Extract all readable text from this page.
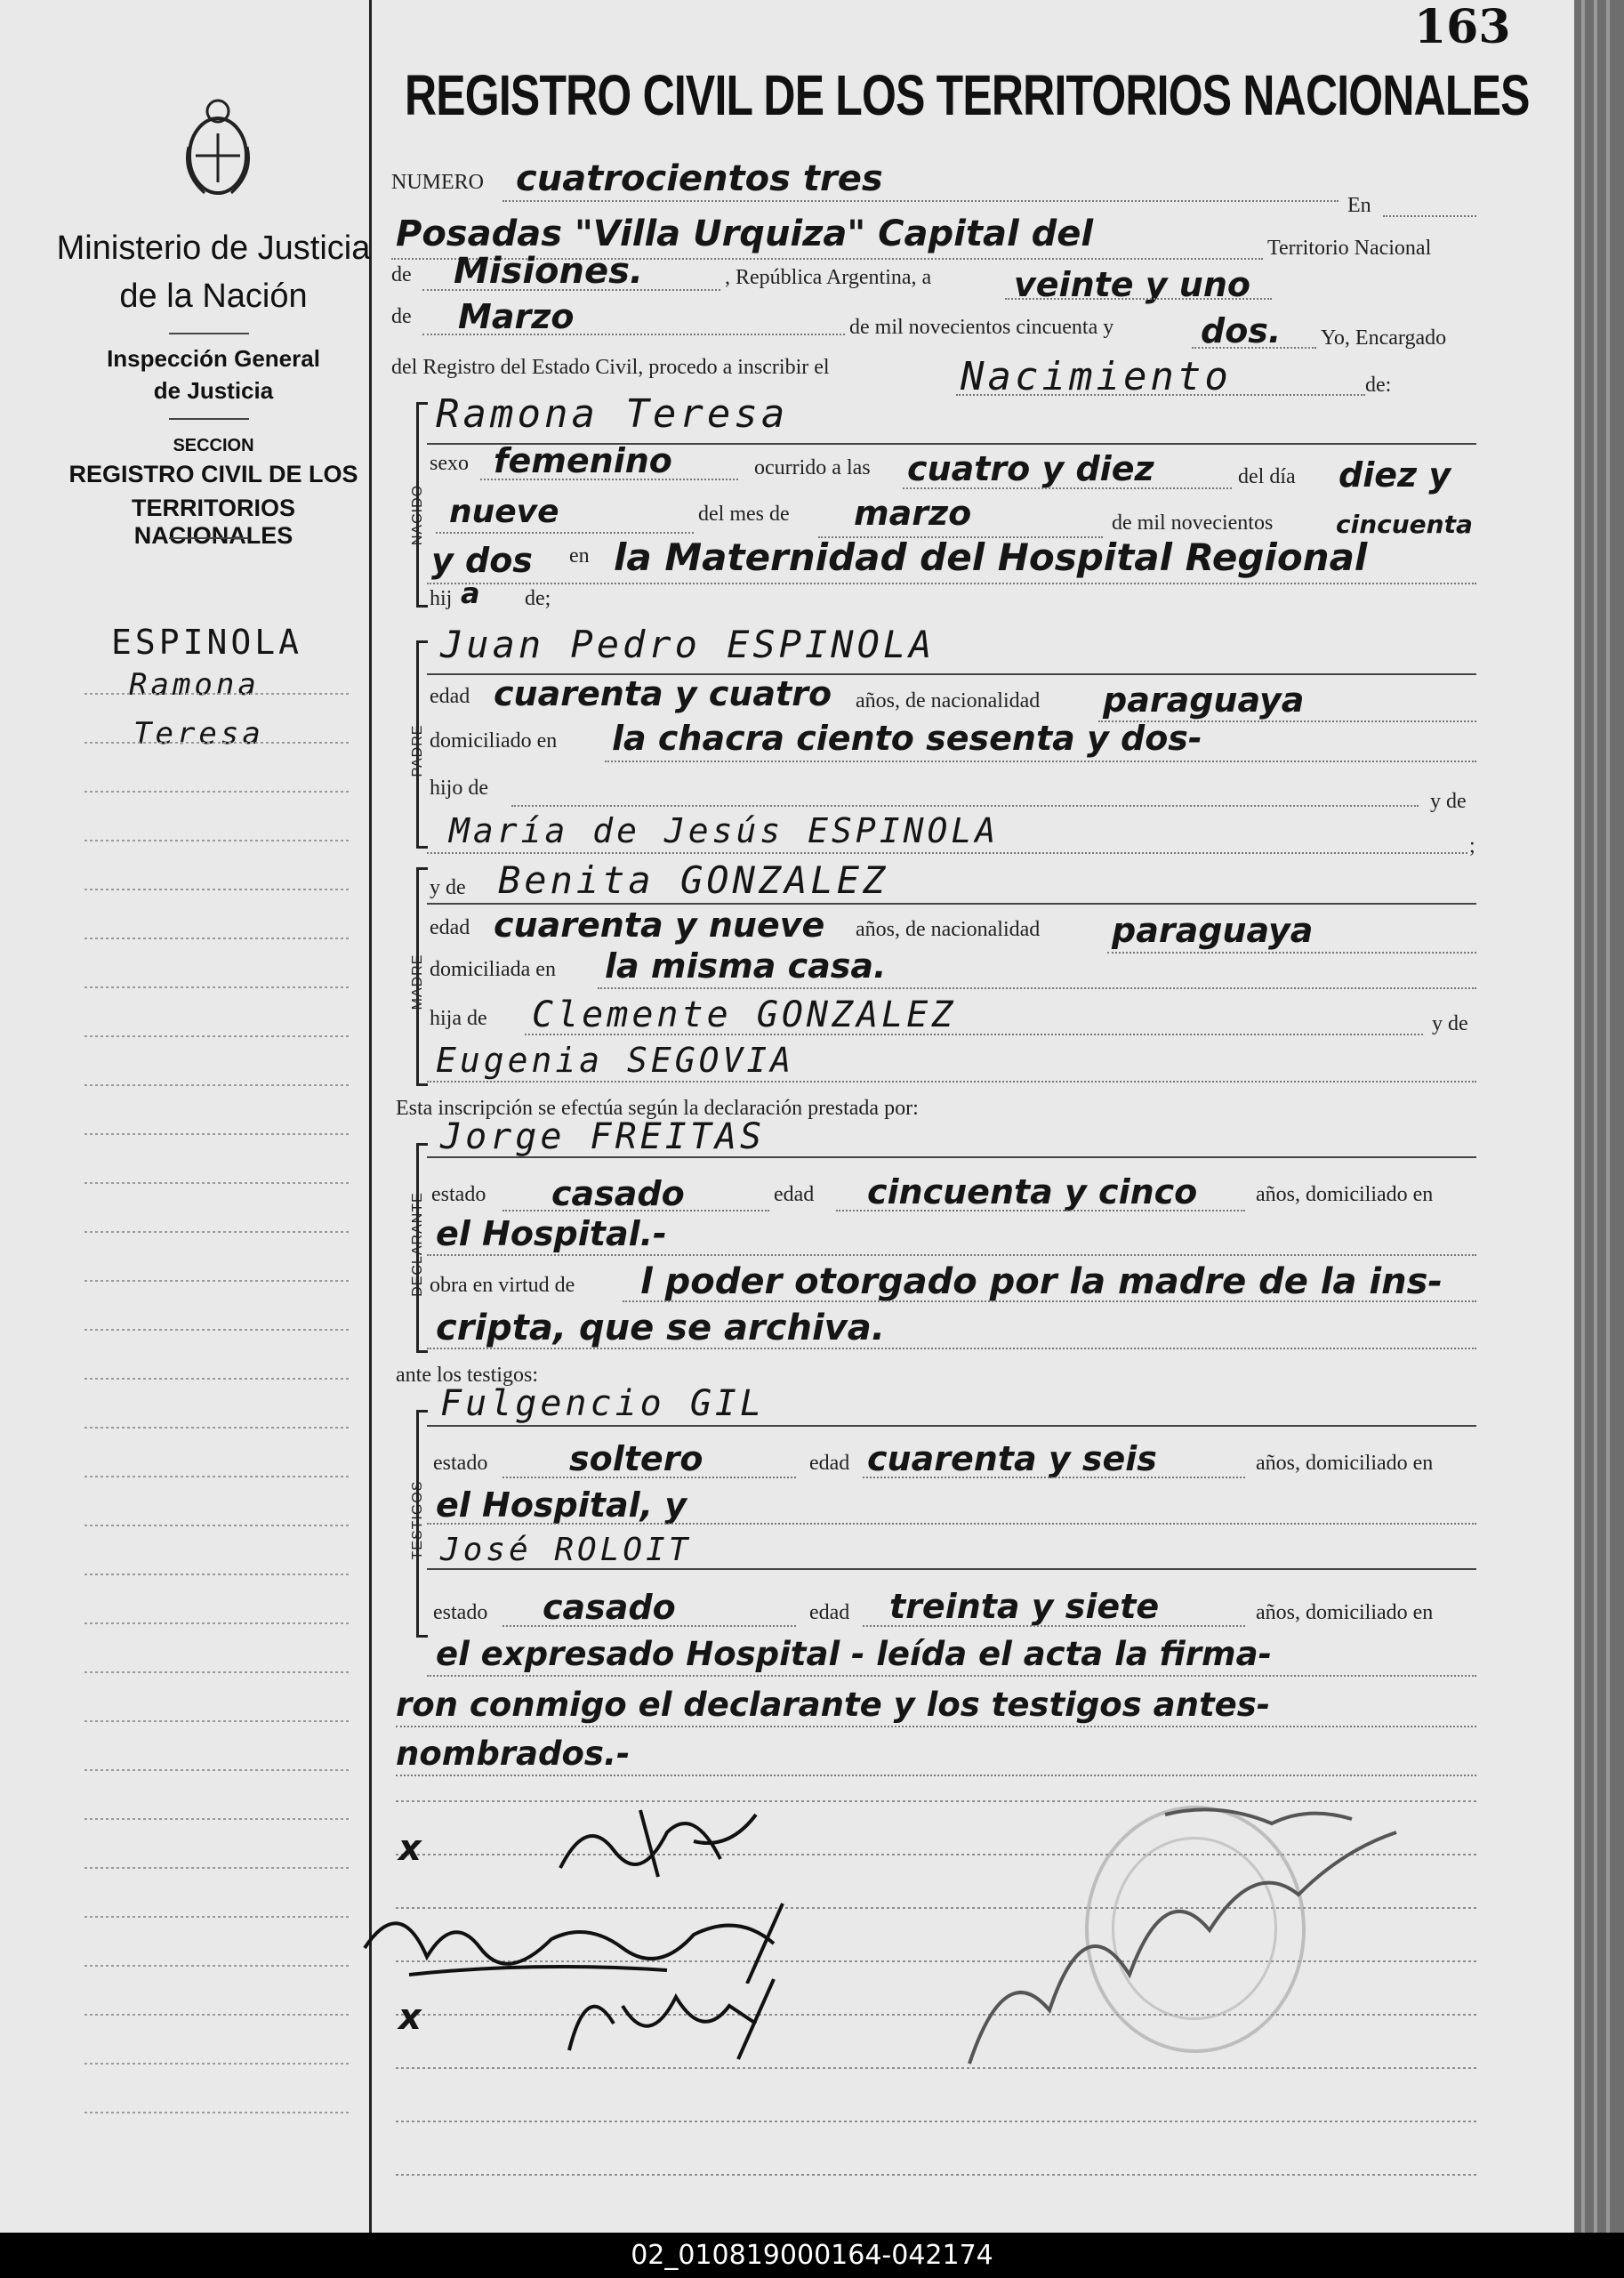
Ministerio de Justicia
de la Nación
Inspección General
de Justicia
SECCION
REGISTRO CIVIL DE LOS
TERRITORIOS NACIONALES
ESPINOLA
Ramona
Teresa
163
REGISTRO CIVIL DE LOS TERRITORIOS NACIONALES
NUMERO cuatrocientos tres
En
Posadas "Villa Urquiza" Capital del	Territorio Nacional
de Misiones.	, República Argentina, a veinte y uno
de Marzo	de mil novecientos cincuenta y	dos. Yo, Encargado
del Registro del Estado Civil, procedo a inscribir el	Nacimiento	de:
NACIDO
Ramona Teresa
sexo femenino	ocurrido a las cuatro y diez	del día diez y
nueve	del mes de marzo	de mil novecientos	cincuenta
y dos en la Maternidad del Hospital Regional
hij a de;
PADRE
Juan Pedro ESPINOLA
edad cuarenta y cuatro años, de nacionalidad paraguaya
domiciliado en la chacra ciento sesenta y dos-
hijo de
y de
María de Jesús ESPINOLA	;
MADRE
y de Benita GONZALEZ
edad cuarenta y nueve años, de nacionalidad paraguaya
domiciliada en la misma casa.
hija de Clemente GONZALEZ	y de
Eugenia SEGOVIA
Esta inscripción se efectúa según la declaración prestada por:
DECLARANTE
Jorge FREITAS
estado casado	edad cincuenta y cinco	años, domiciliado en
el Hospital.-
obra en virtud de l poder otorgado por la madre de la ins-
cripta, que se archiva.
ante los testigos:
TESTIGOS
Fulgencio GIL
estado soltero	edad cuarenta y seis	años, domiciliado en
el Hospital, y
José ROLOIT
estado casado	edad treinta y siete	años, domiciliado en
el expresado Hospital - leída el acta la firma-
ron conmigo el declarante y los testigos antes-
nombrados.-
x
x
02_010819000164-042174
